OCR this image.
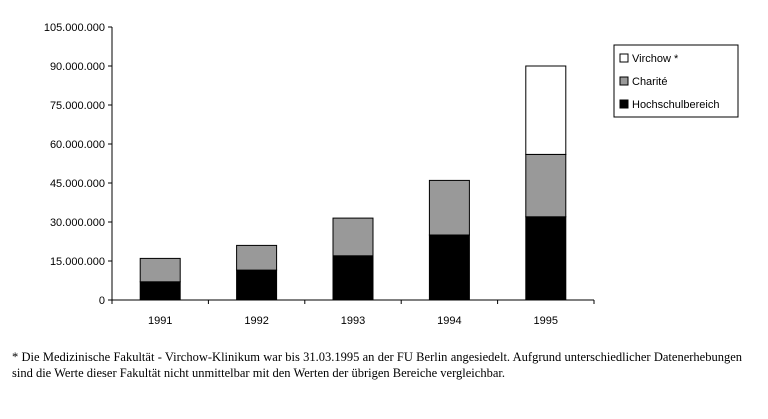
0
15.000.000
30.000.000
45.000.000
60.000.000
75.000.000
90.000.000
105.000.000
1991	1992	1993	1994	1995
Virchow *
Charité
Hochschulbereich

* Die Medizinische Fakultät - Virchow-Klinikum war bis 31.03.1995 an der FU Berlin angesiedelt. Aufgrund unterschiedlicher Datenerhebungen sind die Werte dieser Fakultät nicht unmittelbar mit den Werten der übrigen Bereiche vergleichbar.
